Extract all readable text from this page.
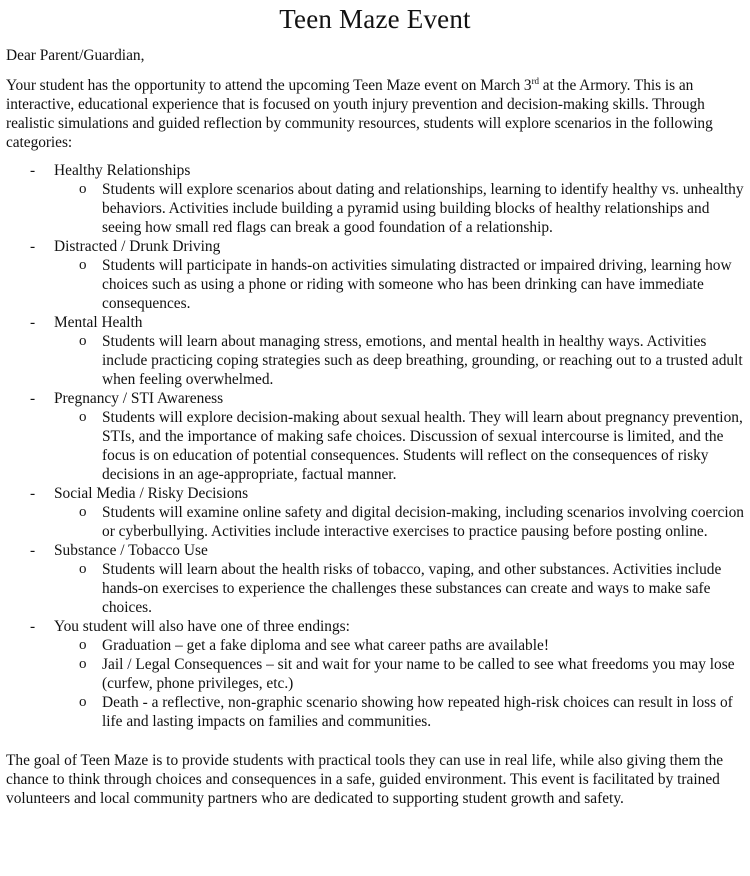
Teen Maze Event

Dear Parent/Guardian,

Your student has the opportunity to attend the upcoming Teen Maze event on March 3rd at the Armory. This is an interactive, educational experience that is focused on youth injury prevention and decision-making skills. Through realistic simulations and guided reflection by community resources, students will explore scenarios in the following categories:

- Healthy Relationships
o Students will explore scenarios about dating and relationships, learning to identify healthy vs. unhealthy behaviors. Activities include building a pyramid using building blocks of healthy relationships and seeing how small red flags can break a good foundation of a relationship.
- Distracted / Drunk Driving
o Students will participate in hands-on activities simulating distracted or impaired driving, learning how choices such as using a phone or riding with someone who has been drinking can have immediate consequences.
- Mental Health
o Students will learn about managing stress, emotions, and mental health in healthy ways. Activities include practicing coping strategies such as deep breathing, grounding, or reaching out to a trusted adult when feeling overwhelmed.
- Pregnancy / STI Awareness
o Students will explore decision-making about sexual health. They will learn about pregnancy prevention, STIs, and the importance of making safe choices. Discussion of sexual intercourse is limited, and the focus is on education of potential consequences. Students will reflect on the consequences of risky decisions in an age-appropriate, factual manner.
- Social Media / Risky Decisions
o Students will examine online safety and digital decision-making, including scenarios involving coercion or cyberbullying. Activities include interactive exercises to practice pausing before posting online.
- Substance / Tobacco Use
o Students will learn about the health risks of tobacco, vaping, and other substances. Activities include hands-on exercises to experience the challenges these substances can create and ways to make safe choices.
- You student will also have one of three endings:
o Graduation – get a fake diploma and see what career paths are available!
o Jail / Legal Consequences – sit and wait for your name to be called to see what freedoms you may lose (curfew, phone privileges, etc.)
o Death - a reflective, non-graphic scenario showing how repeated high-risk choices can result in loss of life and lasting impacts on families and communities.

The goal of Teen Maze is to provide students with practical tools they can use in real life, while also giving them the chance to think through choices and consequences in a safe, guided environment. This event is facilitated by trained volunteers and local community partners who are dedicated to supporting student growth and safety.
